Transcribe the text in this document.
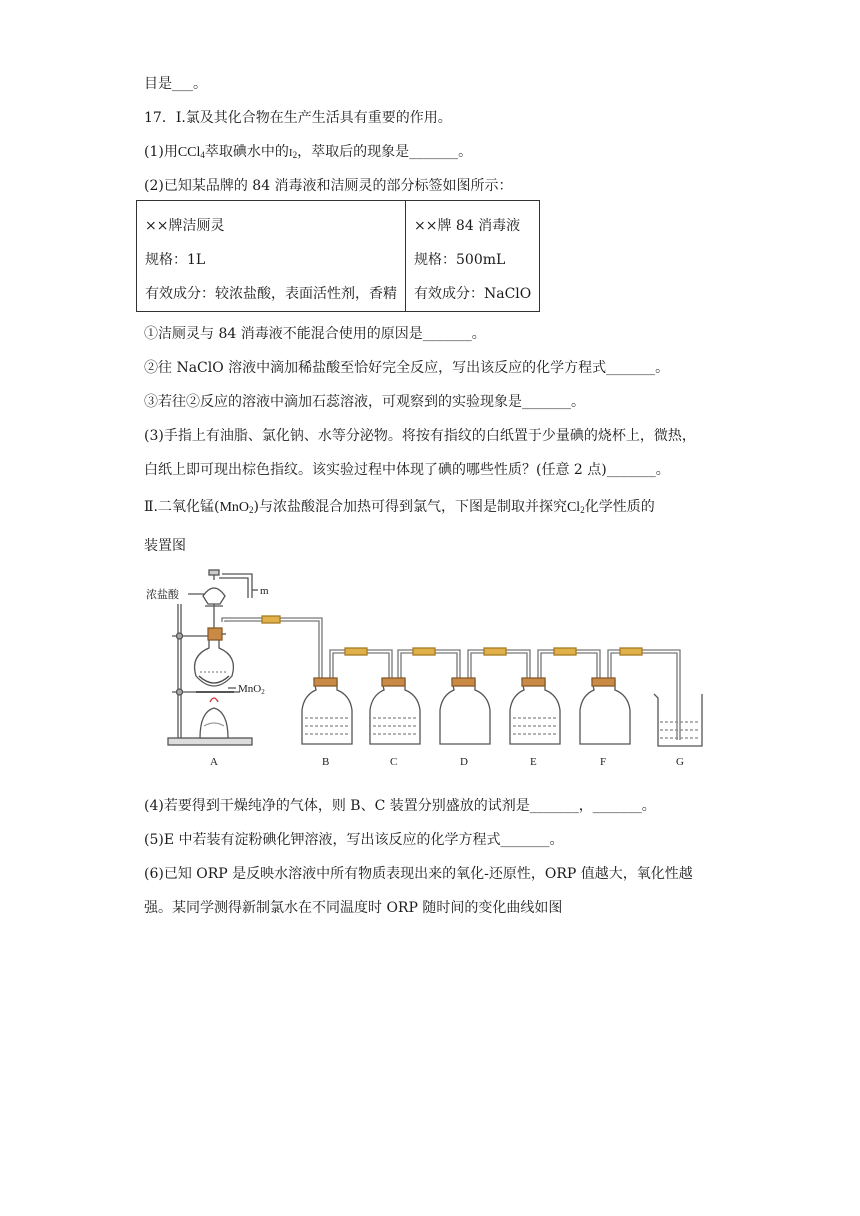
目是___。
17．Ⅰ.氯及其化合物在生产生活具有重要的作用。
(1)用CCl$_4$萃取碘水中的$I_2$，萃取后的现象是_______。
(2)已知某品牌的 84 消毒液和洁厕灵的部分标签如图所示：
××牌洁厕灵
规格：1L
有效成分：较浓盐酸，表面活性剂，香精

××牌 84 消毒液
规格：500mL
有效成分：NaClO
①洁厕灵与 84 消毒液不能混合使用的原因是_______。
②往 NaClO 溶液中滴加稀盐酸至恰好完全反应，写出该反应的化学方程式_______。
③若往②反应的溶液中滴加石蕊溶液，可观察到的实验现象是_______。
(3)手指上有油脂、氯化钠、水等分泌物。将按有指纹的白纸置于少量碘的烧杯上，微热，
白纸上即可现出棕色指纹。该实验过程中体现了碘的哪些性质？(任意 2 点)_______。
Ⅱ.二氧化锰(MnO$_2$)与浓盐酸混合加热可得到氯气，下图是制取并探究$Cl_2$化学性质的
装置图
浓盐酸	m
MnO2
A	B	C	D	E	F	G
(4)若要得到干燥纯净的气体，则 B、C 装置分别盛放的试剂是_______，_______。
(5)E 中若装有淀粉碘化钾溶液，写出该反应的化学方程式_______。
(6)已知 ORP 是反映水溶液中所有物质表现出来的氧化-还原性，ORP 值越大，氧化性越
强。某同学测得新制氯水在不同温度时 ORP 随时间的变化曲线如图
